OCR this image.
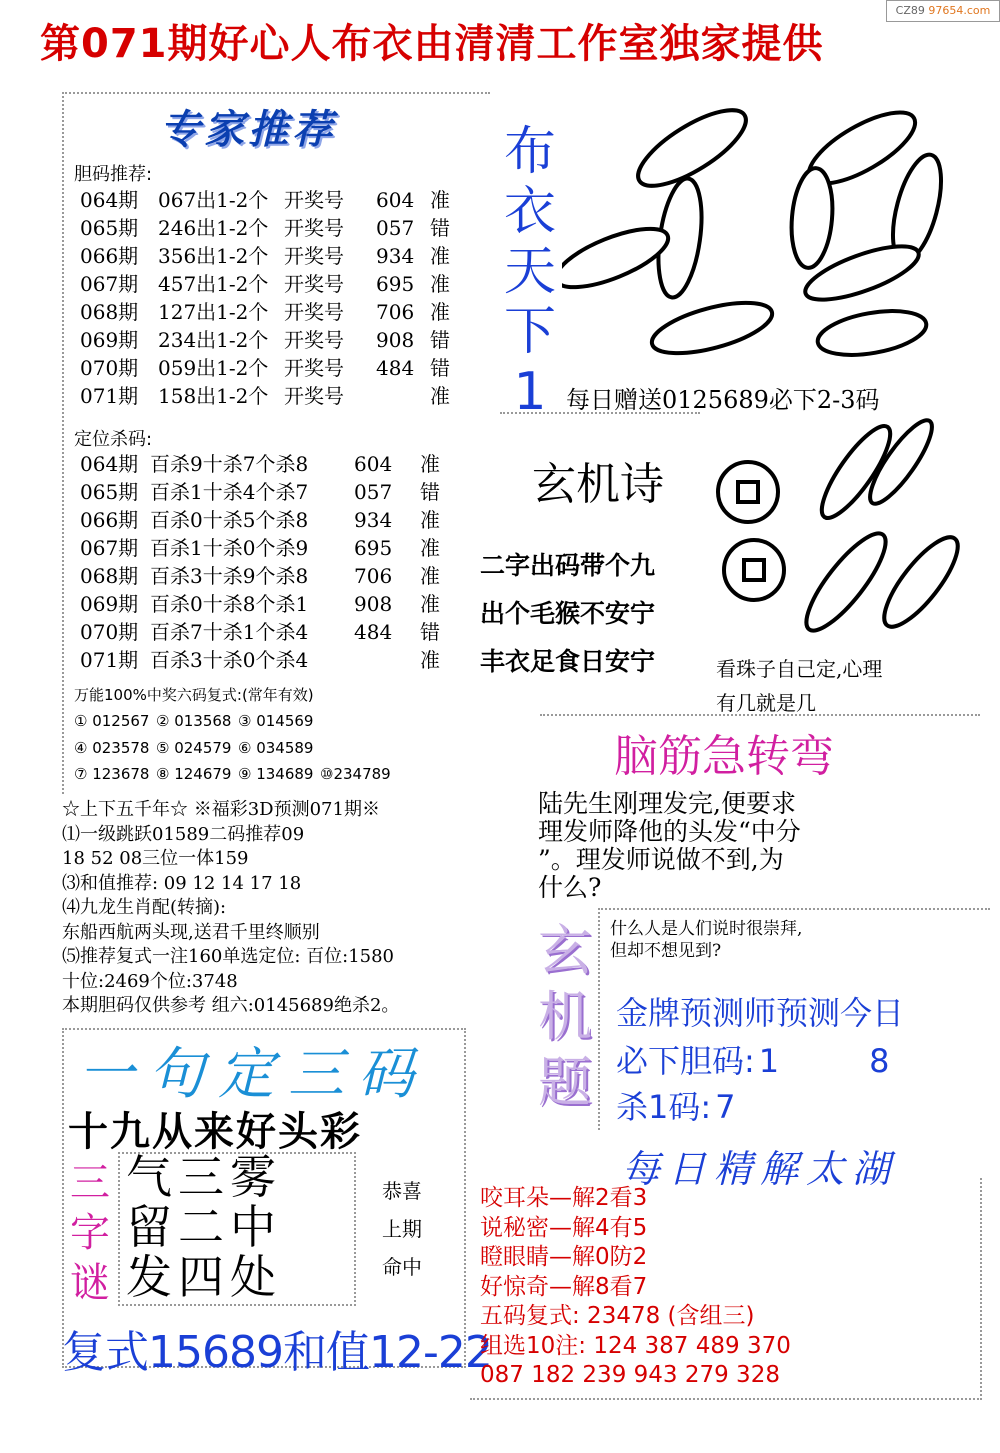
CZ89 97654.com
第071期好心人布衣由清清工作室独家提供
专家推荐
胆码推荐:
064期 067出1-2个 开奖号 604 准
065期 246出1-2个 开奖号 057 错
066期 356出1-2个 开奖号 934 准
067期 457出1-2个 开奖号 695 准
068期 127出1-2个 开奖号 706 准
069期 234出1-2个 开奖号 908 错
070期 059出1-2个 开奖号 484 错
071期 158出1-2个 开奖号	准
定位杀码:
064期 百杀9十杀7个杀8 604 准
065期 百杀1十杀4个杀7 057 错
066期 百杀0十杀5个杀8 934 准
067期 百杀1十杀0个杀9 695 准
068期 百杀3十杀9个杀8 706 准
069期 百杀0十杀8个杀1 908 准
070期 百杀7十杀1个杀4 484 错
071期 百杀3十杀0个杀4	准
万能100%中奖六码复式:(常年有效)
① 012567 ② 013568 ③ 014569
④ 023578 ⑤ 024579 ⑥ 034589
⑦ 123678 ⑧ 124679 ⑨ 134689 ⑩234789
☆上下五千年☆ ※福彩3D预测071期※
⑴一级跳跃01589二码推荐09
18 52 08三位一体159
⑶和值推荐: 09 12 14 17 18
⑷九龙生肖配(转摘):
东船西航两头现,送君千里终顺别
⑸推荐复式一注160单选定位: 百位:1580
十位:2469个位:3748
本期胆码仅供参考 组六:0145689绝杀2。
一句定三码
十九从来好头彩
三
字
谜
气三雾
留二中
发四处
恭喜
上期
命中
复式15689和值12-22
布
衣
天
下
1 每日赠送0125689必下2-3码
玄机诗
二字出码带个九
出个毛猴不安宁
丰衣足食日安宁	看珠子自己定,心理
有几就是几
脑筋急转弯
陆先生刚理发完,便要求
理发师降他的头发“中分
”。理发师说做不到,为
什么?
玄
机
题
什么人是人们说时很崇拜,
但却不想见到?
金牌预测师预测今日
必下胆码: 1	8
杀1码: 7
每日精解太湖
咬耳朵—解2看3
说秘密—解4有5
瞪眼睛—解0防2
好惊奇—解8看7
五码复式: 23478 (含组三)
组选10注: 124 387 489 370
087 182 239 943 279 328
